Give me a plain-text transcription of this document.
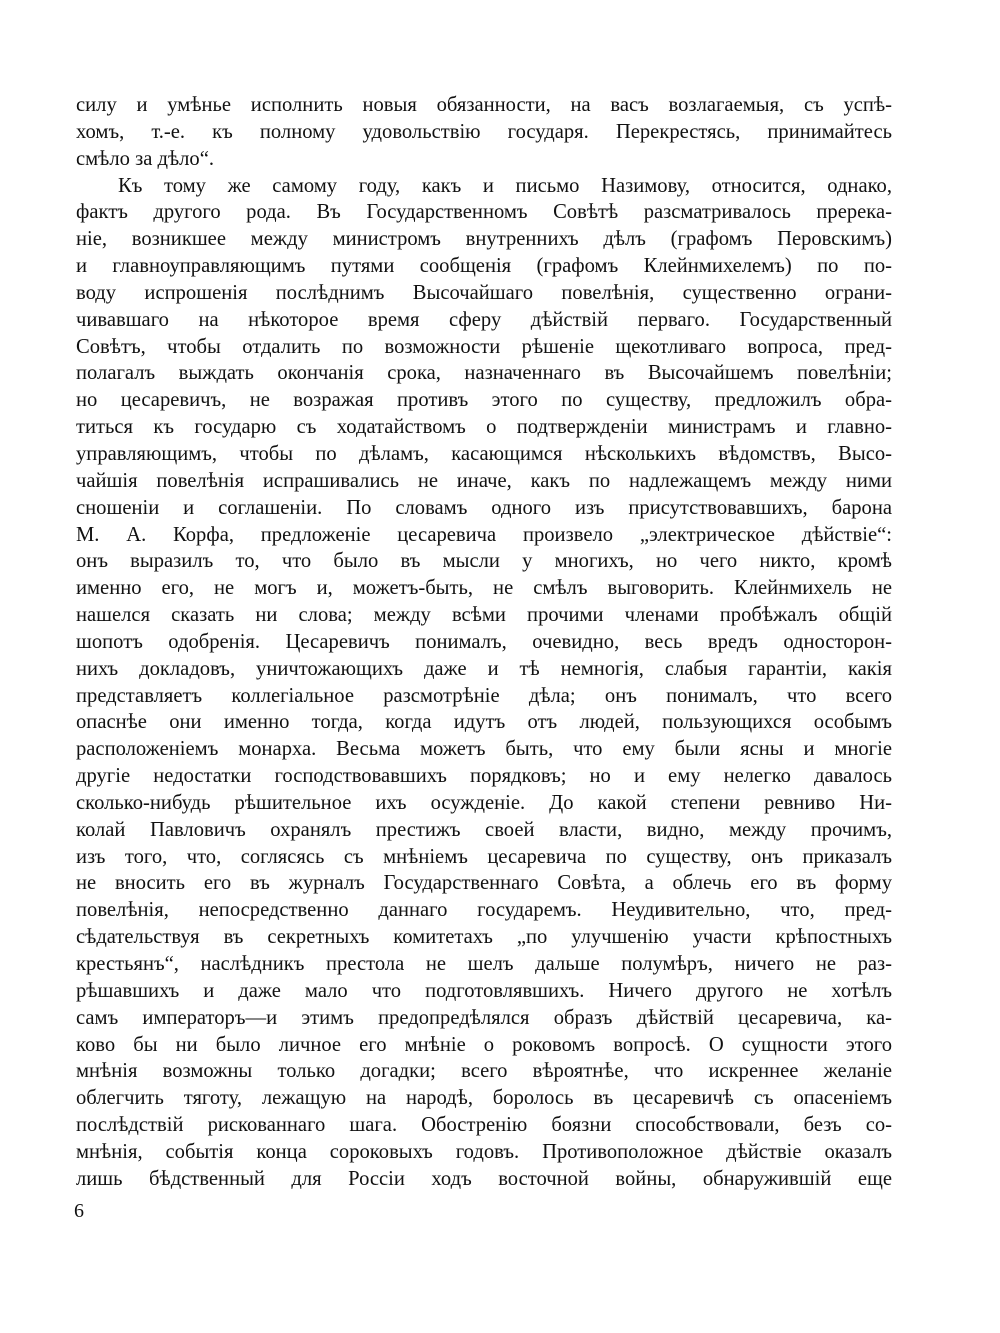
силу и умѣнье исполнить новыя обязанности, на васъ возлагаемыя, съ успѣ-
хомъ, т.-е. къ полному удовольствію государя. Перекрестясь, принимайтесь
смѣло за дѣло“.
Къ тому же самому году, какъ и письмо Назимову, относится, однако,
фактъ другого рода. Въ Государственномъ Совѣтѣ разсматривалось пререка-
ніе, возникшее между министромъ внутреннихъ дѣлъ (графомъ Перовскимъ)
и главноуправляющимъ путями сообщенія (графомъ Клейнмихелемъ) по по-
воду испрошенія послѣднимъ Высочайшаго повелѣнія, существенно ограни-
чивавшаго на нѣкоторое время сферу дѣйствій перваго. Государственный
Совѣтъ, чтобы отдалить по возможности рѣшеніе щекотливаго вопроса, пред-
полагалъ выждать окончанія срока, назначеннаго въ Высочайшемъ повелѣніи;
но цесаревичъ, не возражая противъ этого по существу, предложилъ обра-
титься къ государю съ ходатайствомъ о подтвержденіи министрамъ и главно-
управляющимъ, чтобы по дѣламъ, касающимся нѣсколькихъ вѣдомствъ, Высо-
чайшія повелѣнія испрашивались не иначе, какъ по надлежащемъ между ними
сношеніи и соглашеніи. По словамъ одного изъ присутствовавшихъ, барона
М. А. Корфа, предложеніе цесаревича произвело „электрическое дѣйствіе“:
онъ выразилъ то, что было въ мысли у многихъ, но чего никто, кромѣ
именно его, не могъ и, можетъ-быть, не смѣлъ выговорить. Клейнмихель не
нашелся сказать ни слова; между всѣми прочими членами пробѣжалъ общій
шопотъ одобренія. Цесаревичъ понималъ, очевидно, весь вредъ односторон-
нихъ докладовъ, уничтожающихъ даже и тѣ немногія, слабыя гарантіи, какія
представляетъ коллегіальное разсмотрѣніе дѣла; онъ понималъ, что всего
опаснѣе они именно тогда, когда идутъ отъ людей, пользующихся особымъ
расположеніемъ монарха. Весьма можетъ быть, что ему были ясны и многіе
другіе недостатки господствовавшихъ порядковъ; но и ему нелегко давалось
сколько-нибудь рѣшительное ихъ осужденіе. До какой степени ревниво Ни-
колай Павловичъ охранялъ престижъ своей власти, видно, между прочимъ,
изъ того, что, соглясясь съ мнѣніемъ цесаревича по существу, онъ приказалъ
не вносить его въ журналъ Государственнаго Совѣта, а облечь его въ форму
повелѣнія, непосредственно даннаго государемъ. Неудивительно, что, пред-
сѣдательствуя въ секретныхъ комитетахъ „по улучшенію участи крѣпостныхъ
крестьянъ“, наслѣдникъ престола не шелъ дальше полумѣръ, ничего не раз-
рѣшавшихъ и даже мало что подготовлявшихъ. Ничего другого не хотѣлъ
самъ императоръ—и этимъ предопредѣлялся образъ дѣйствій цесаревича, ка-
ково бы ни было личное его мнѣніе о роковомъ вопросѣ. О сущности этого
мнѣнія возможны только догадки; всего вѣроятнѣе, что искреннее желаніе
облегчить тяготу, лежащую на народѣ, боролось въ цесаревичѣ съ опасеніемъ
послѣдствій рискованнаго шага. Обостренію боязни способствовали, безъ со-
мнѣнія, событія конца сороковыхъ годовъ. Противоположное дѣйствіе оказалъ
лишь бѣдственный для Россіи ходъ восточной войны, обнаружившій еще
6
